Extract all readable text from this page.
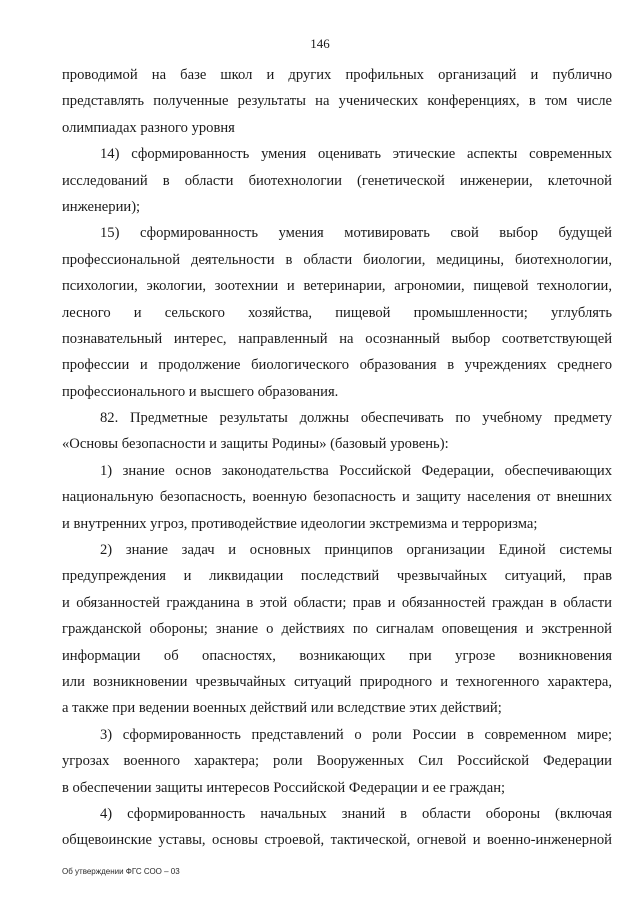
146
проводимой на базе школ и других профильных организаций и публично
представлять полученные результаты на ученических конференциях, в том числе
олимпиадах разного уровня
14) сформированность умения оценивать этические аспекты современных
исследований в области биотехнологии (генетической инженерии, клеточной
инженерии);
15) сформированность умения мотивировать свой выбор будущей
профессиональной деятельности в области биологии, медицины, биотехнологии,
психологии, экологии, зоотехнии и ветеринарии, агрономии, пищевой технологии,
лесного и сельского хозяйства, пищевой промышленности; углублять
познавательный интерес, направленный на осознанный выбор соответствующей
профессии и продолжение биологического образования в учреждениях среднего
профессионального и высшего образования.
82. Предметные результаты должны обеспечивать по учебному предмету
«Основы безопасности и защиты Родины» (базовый уровень):
1) знание основ законодательства Российской Федерации, обеспечивающих
национальную безопасность, военную безопасность и защиту населения от внешних
и внутренних угроз, противодействие идеологии экстремизма и терроризма;
2) знание задач и основных принципов организации Единой системы
предупреждения и ликвидации последствий чрезвычайных ситуаций, прав
и обязанностей гражданина в этой области; прав и обязанностей граждан в области
гражданской обороны; знание о действиях по сигналам оповещения и экстренной
информации об опасностях, возникающих при угрозе возникновения
или возникновении чрезвычайных ситуаций природного и техногенного характера,
а также при ведении военных действий или вследствие этих действий;
3) сформированность представлений о роли России в современном мире;
угрозах военного характера; роли Вооруженных Сил Российской Федерации
в обеспечении защиты интересов Российской Федерации и ее граждан;
4) сформированность начальных знаний в области обороны (включая
общевоинские уставы, основы строевой, тактической, огневой и военно-инженерной
Об утверждении ФГС СОО – 03
